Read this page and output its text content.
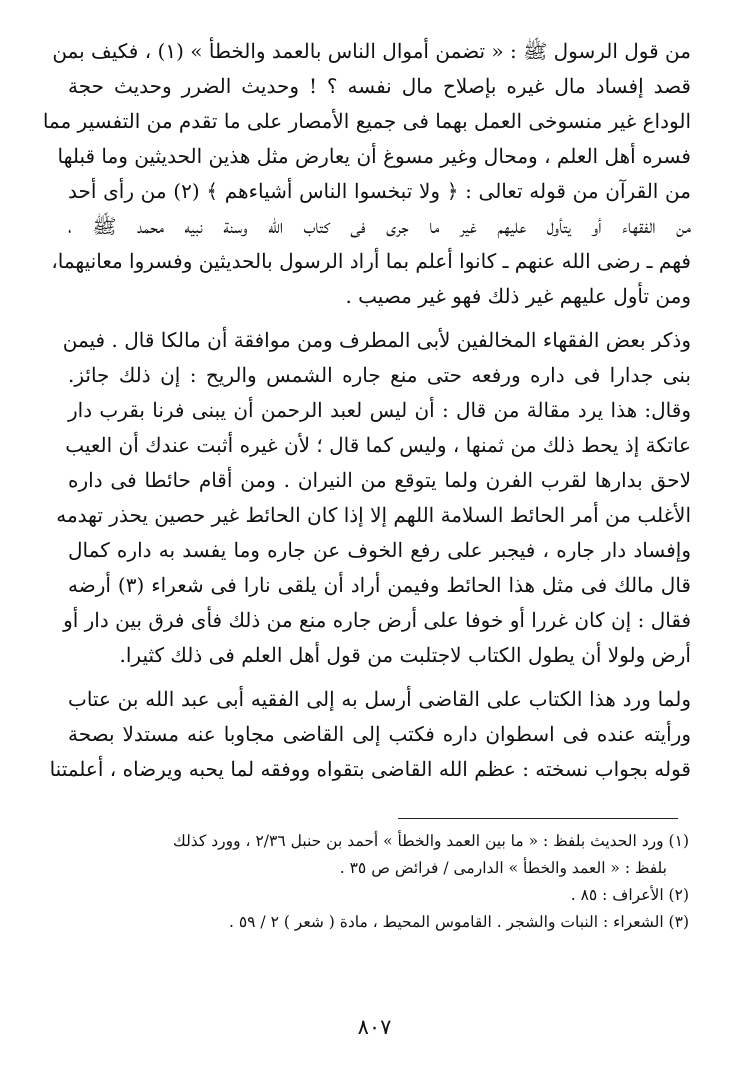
من قول الرسول ﷺ : « تضمن أموال الناس بالعمد والخطأ » (١) ، فكيف بمن
قصد إفساد مال غيره بإصلاح مال نفسه ؟ ! وحديث الضرر وحديث حجة
الوداع غير منسوخى العمل بهما فى جميع الأمصار على ما تقدم من التفسير مما
فسره أهل العلم ، ومحال وغير مسوغ أن يعارض مثل هذين الحديثين وما قبلها
من القرآن من قوله تعالى : ﴿ ولا تبخسوا الناس أشياءهم ﴾ (٢) من رأى أحد
من الفقهاء أو يتأول عليهم غير ما جرى فى كتاب الله وسنة نبيه محمد ﷺ ،
فهم ـ رضى الله عنهم ـ كانوا أعلم بما أراد الرسول بالحديثين وفسروا معانيهما،
ومن تأول عليهم غير ذلك فهو غير مصيب .
وذكر بعض الفقهاء المخالفين لأبى المطرف ومن موافقة أن مالكا قال . فيمن
بنى جدارا فى داره ورفعه حتى منع جاره الشمس والريح : إن ذلك جائز.
وقال: هذا يرد مقالة من قال : أن ليس لعبد الرحمن أن يبنى فرنا بقرب دار
عاتكة إذ يحط ذلك من ثمنها ، وليس كما قال ؛ لأن غيره أثبت عندك أن العيب
لاحق بدارها لقرب الفرن ولما يتوقع من النيران . ومن أقام حائطا فى داره
الأغلب من أمر الحائط السلامة اللهم إلا إذا كان الحائط غير حصين يحذر تهدمه
وإفساد دار جاره ، فيجبر على رفع الخوف عن جاره وما يفسد به داره كمال
قال مالك فى مثل هذا الحائط وفيمن أراد أن يلقى نارا فى شعراء (٣) أرضه
فقال : إن كان غررا أو خوفا على أرض جاره منع من ذلك فأى فرق بين دار أو
أرض ولولا أن يطول الكتاب لاجتلبت من قول أهل العلم فى ذلك كثيرا.
ولما ورد هذا الكتاب على القاضى أرسل به إلى الفقيه أبى عبد الله بن عتاب
ورأيته عنده فى اسطوان داره فكتب إلى القاضى مجاوبا عنه مستدلا بصحة
قوله بجواب نسخته : عظم الله القاضى بتقواه ووفقه لما يحبه ويرضاه ، أعلمتنا
(١) ورد الحديث بلفظ : « ما بين العمد والخطأ » أحمد بن حنبل ٢/٣٦ ، وورد كذلك
بلفظ : « العمد والخطأ » الدارمى / فرائض ص ٣٥ .
(٢) الأعراف : ٨٥ .
(٣) الشعراء : النبات والشجر . القاموس المحيط ، مادة ( شعر ) ٢ / ٥٩ .
٨٠٧
